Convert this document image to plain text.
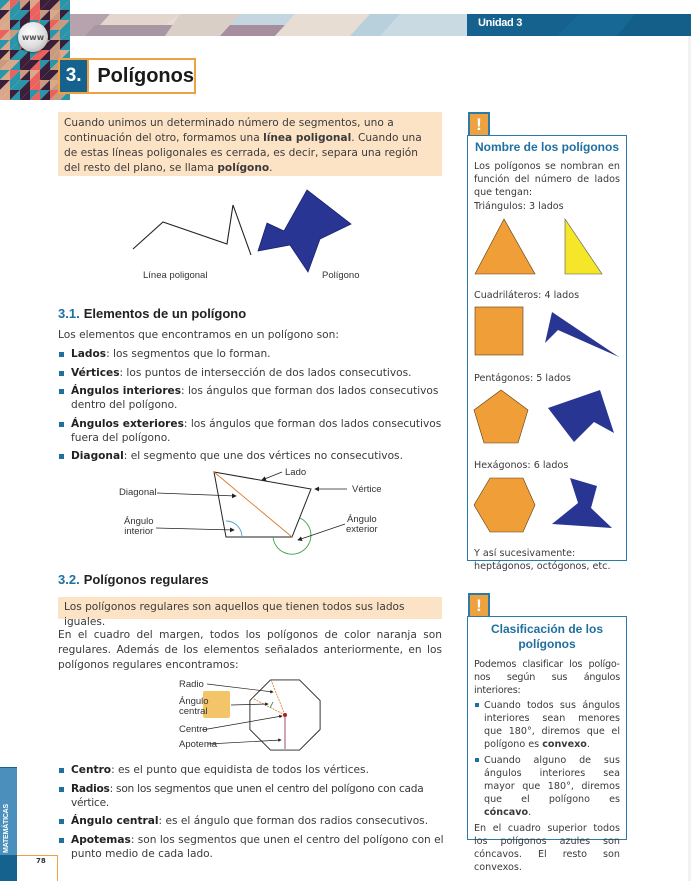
Unidad 3
www
3. Polígonos
Cuando unimos un determinado número de segmentos, uno a continuación del otro, formamos una línea poligonal. Cuando una de estas líneas poligonales es cerrada, es decir, separa una región del resto del plano, se llama polígono.
Línea poligonal	Polígono
3.1. Elementos de un polígono
Los elementos que encontramos en un polígono son:
Lados: los segmentos que lo forman.
Vértices: los puntos de intersección de dos lados consecutivos.
Ángulos interiores: los ángulos que forman dos lados consecutivos dentro del polígono.
Ángulos exteriores: los ángulos que forman dos lados consecutivos fuera del polígono.
Diagonal: el segmento que une dos vértices no consecutivos.
Lado
Diagonal	Vértice
Ángulo
interior
Ángulo
exterior
3.2. Polígonos regulares
Los polígonos regulares son aquellos que tienen todos sus lados iguales.
En el cuadro del margen, todos los polígonos de color naranja son regulares. Además de los elementos señalados anteriormente, en los polígonos regulares encontramos:
Radio
Ángulo
central
Centro
Apotema
Centro: es el punto que equidista de todos los vértices.
Radios: son los segmentos que unen el centro del polígono con cada vértice.
Ángulo central: es el ángulo que forman dos radios consecutivos.
Apotemas: son los segmentos que unen el centro del polígono con el punto medio de cada lado.
!
Nombre de los polígonos
Los polígonos se nombran en función del número de lados que tengan:
Triángulos: 3 lados
Cuadriláteros: 4 lados
Pentágonos: 5 lados
Hexágonos: 6 lados
Y así sucesivamente: heptágonos, octógonos, etc.
!
Clasificación de los polígonos
Podemos clasificar los polígonos según sus ángulos interiores:
Cuando todos sus ángulos interiores sean menores que 180°, diremos que el polígono es convexo.
Cuando alguno de sus ángulos interiores sea mayor que 180°, diremos que el polígono es cóncavo.
En el cuadro superior todos los polígonos azules son cóncavos. El resto son convexos.
MATEMÁTICAS
78
